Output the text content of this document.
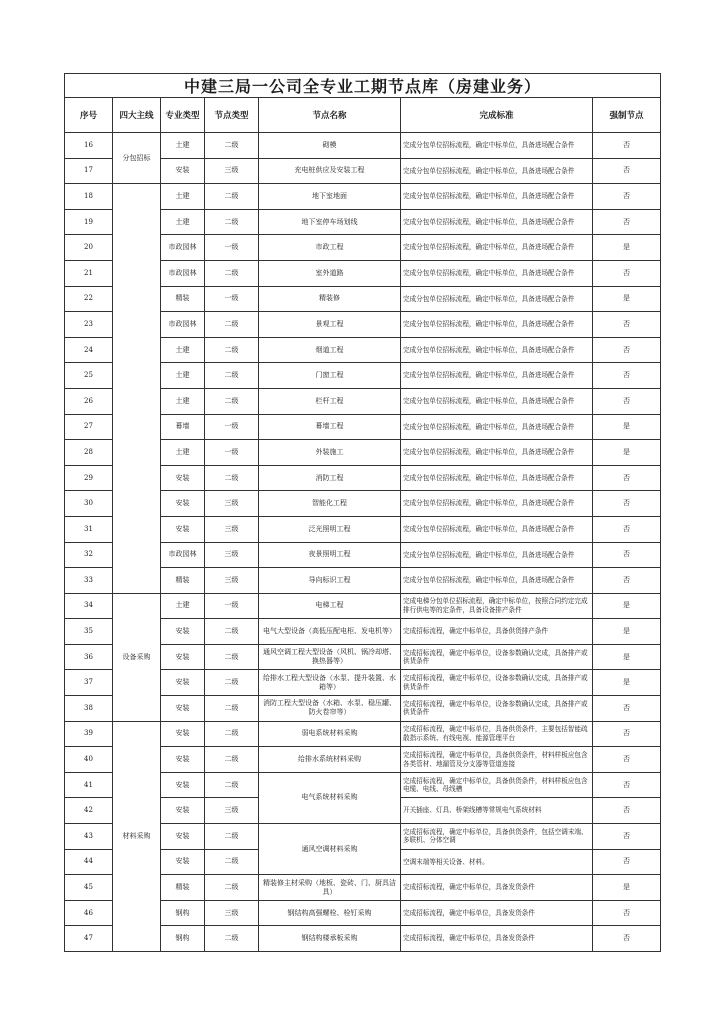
中建三局一公司全专业工期节点库（房建业务）						
序号	四大主线	专业类型	节点类型	节点名称	完成标准	强制节点
16	分包招标	土建	二级	砌模	完成分包单位招标流程，确定中标单位，具备进场配合条件	否
17		安装	三级	充电桩供应及安装工程	完成分包单位招标流程，确定中标单位，具备进场配合条件	否
18		土建	二级	地下室地面	完成分包单位招标流程，确定中标单位，具备进场配合条件	否
19		土建	二级	地下室停车场划线	完成分包单位招标流程，确定中标单位，具备进场配合条件	否
20		市政园林	一级	市政工程	完成分包单位招标流程，确定中标单位，具备进场配合条件	是
21		市政园林	二级	室外道路	完成分包单位招标流程，确定中标单位，具备进场配合条件	否
22		精装	一级	精装修	完成分包单位招标流程，确定中标单位，具备进场配合条件	是
23		市政园林	二级	景观工程	完成分包单位招标流程，确定中标单位，具备进场配合条件	否
24		土建	二级	烟道工程	完成分包单位招标流程，确定中标单位，具备进场配合条件	否
25		土建	二级	门窗工程	完成分包单位招标流程，确定中标单位，具备进场配合条件	否
26		土建	二级	栏杆工程	完成分包单位招标流程，确定中标单位，具备进场配合条件	否
27		幕墙	一级	幕墙工程	完成分包单位招标流程，确定中标单位，具备进场配合条件	是
28		土建	一级	外装施工	完成分包单位招标流程，确定中标单位，具备进场配合条件	是
29		安装	二级	消防工程	完成分包单位招标流程，确定中标单位，具备进场配合条件	否
30		安装	三级	智能化工程	完成分包单位招标流程，确定中标单位，具备进场配合条件	否
31		安装	三级	泛光照明工程	完成分包单位招标流程，确定中标单位，具备进场配合条件	否
32		市政园林	三级	夜景照明工程	完成分包单位招标流程，确定中标单位，具备进场配合条件	否
33		精装	三级	导向标识工程	完成分包单位招标流程，确定中标单位，具备进场配合条件	否
34	设备采购	土建	一级	电梯工程	完成电梯分包单位招标流程，确定中标单位，按照合同约定完成排行供电等的定条件，具备设备排产条件	是
35		安装	二级	电气大型设备（高低压配电柜、发电机等）	完成招标流程，确定中标单位，具备供货排产条件	是
36		安装	二级	通风空调工程大型设备（风机、锅冷却塔、换热器等）	完成招标流程，确定中标单位，设备参数确认完成，具备排产或供货条件	是
37		安装	二级	给排水工程大型设备（水泵、提升装置、水箱等）	完成招标流程，确定中标单位，设备参数确认完成，具备排产或供货条件	是
38		安装	二级	消防工程大型设备（水箱、水泵、稳压罐、防火卷帘等）	完成招标流程，确定中标单位，设备参数确认完成，具备排产或供货条件	否
39	材料采购	安装	二级	弱电系统材料采购	完成招标流程，确定中标单位，具备供货条件，主要包括智能疏散指示系统、有线电视、能源管理平台	否
40		安装	二级	给排水系统材料采购	完成招标流程，确定中标单位，具备供货条件，材料样板应包含各类管材、地漏管及分支器等管道连接	否
41		安装	二级	电气系统材料采购	完成招标流程，确定中标单位，具备供货条件，材料样板应包含电缆、电线、母线槽	否
42		安装	三级		开关插座、灯具、桥架线槽等常规电气系统材料	否
43		安装	二级	通风空调材料采购	完成招标流程，确定中标单位，具备供货条件，包括空调末端、多联机、分体空调	否
44		安装	二级		空调末端等相关设备、材料。	否
45		精装	二级	精装修主材采购（地板、瓷砖、门、厨具洁具）	完成招标流程，确定中标单位，具备发货条件	是
46		钢构	三级	钢结构高强螺栓、栓钉采购	完成招标流程，确定中标单位，具备发货条件	否
47		钢构	二级	钢结构楼承板采购	完成招标流程，确定中标单位，具备发货条件	否
